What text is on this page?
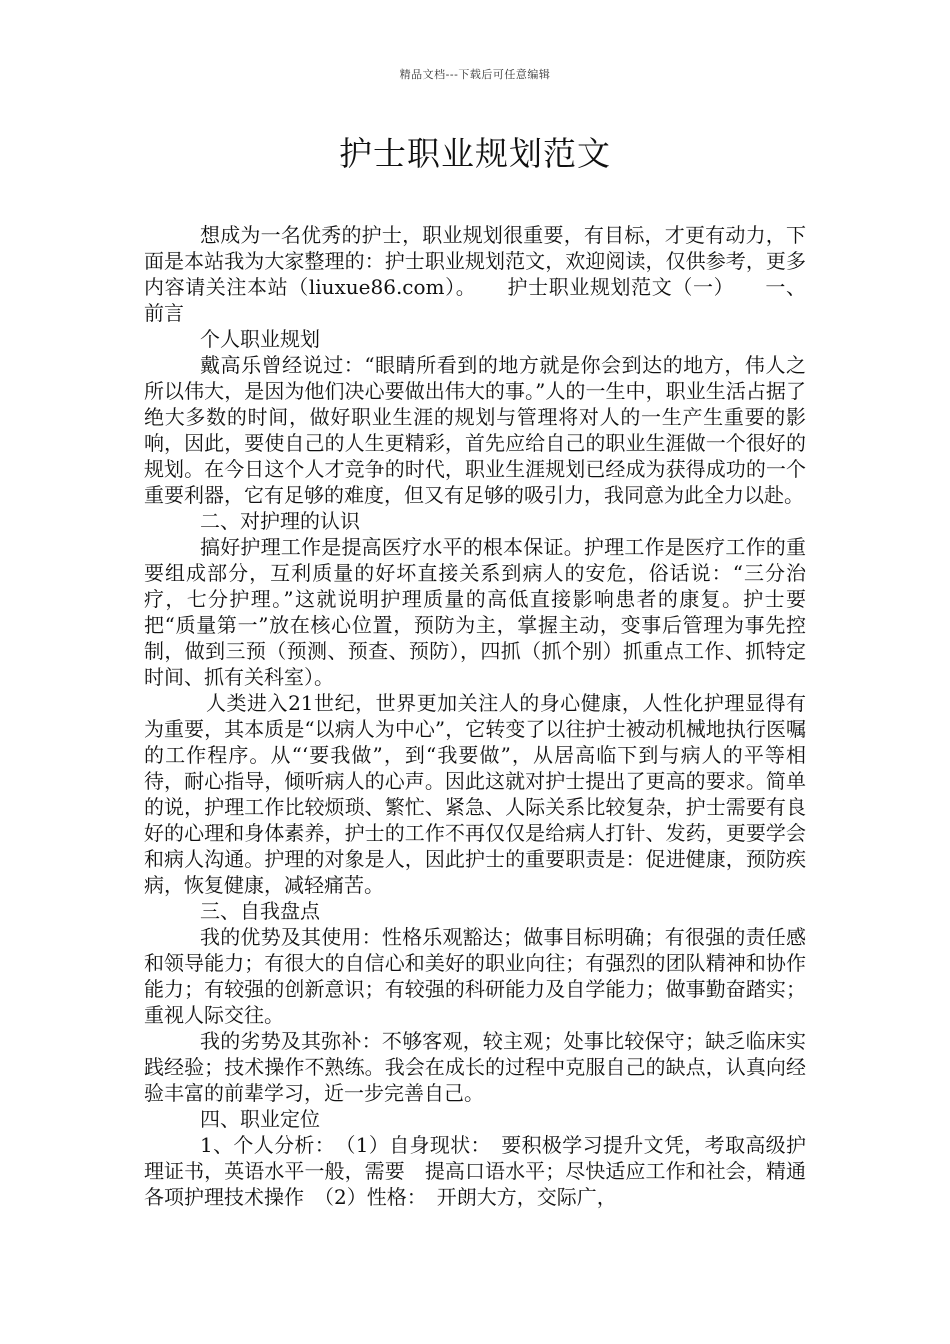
精品文档---下载后可任意编辑
护士职业规划范文

想成为一名优秀的护士，职业规划很重要，有目标，才更有动力，下面是本站我为大家整理的：护士职业规划范文，欢迎阅读，仅供参考，更多内容请关注本站（liuxue86.com）。　　护士职业规划范文（一）　　一、前言

个人职业规划

戴高乐曾经说过：“眼睛所看到的地方就是你会到达的地方，伟人之所以伟大，是因为他们决心要做出伟大的事。”人的一生中，职业生活占据了绝大多数的时间，做好职业生涯的规划与管理将对人的一生产生重要的影响，因此，要使自己的人生更精彩，首先应给自己的职业生涯做一个很好的规划。在今日这个人才竞争的时代，职业生涯规划已经成为获得成功的一个重要利器，它有足够的难度，但又有足够的吸引力，我同意为此全力以赴。

二、对护理的认识

搞好护理工作是提高医疗水平的根本保证。护理工作是医疗工作的重要组成部分，互利质量的好坏直接关系到病人的安危，俗话说：“三分治疗，七分护理。”这就说明护理质量的高低直接影响患者的康复。护士要把“质量第一”放在核心位置，预防为主，掌握主动，变事后管理为事先控制，做到三预（预测、预查、预防），四抓（抓个别）抓重点工作、抓特定时间、抓有关科室）。

人类进入21世纪，世界更加关注人的身心健康，人性化护理显得有为重要，其本质是“以病人为中心”，它转变了以往护士被动机械地执行医嘱的工作程序。从“‘要我做”，到“我要做”，从居高临下到与病人的平等相待，耐心指导，倾听病人的心声。因此这就对护士提出了更高的要求。简单的说，护理工作比较烦琐、繁忙、紧急、人际关系比较复杂，护士需要有良好的心理和身体素养，护士的工作不再仅仅是给病人打针、发药，更要学会和病人沟通。护理的对象是人，因此护士的重要职责是：促进健康，预防疾病，恢复健康，减轻痛苦。

三、自我盘点

我的优势及其使用：性格乐观豁达；做事目标明确；有很强的责任感和领导能力；有很大的自信心和美好的职业向往；有强烈的团队精神和协作能力；有较强的创新意识；有较强的科研能力及自学能力；做事勤奋踏实；重视人际交往。

我的劣势及其弥补：不够客观，较主观；处事比较保守；缺乏临床实践经验；技术操作不熟练。我会在成长的过程中克服自己的缺点，认真向经验丰富的前辈学习，近一步完善自己。

四、职业定位

1、个人分析：　（1）自身现状：　要积极学习提升文凭，考取高级护理证书，英语水平一般，需要　提高口语水平；尽快适应工作和社会，精通各项护理技术操作　（2）性格：　开朗大方，交际广，
